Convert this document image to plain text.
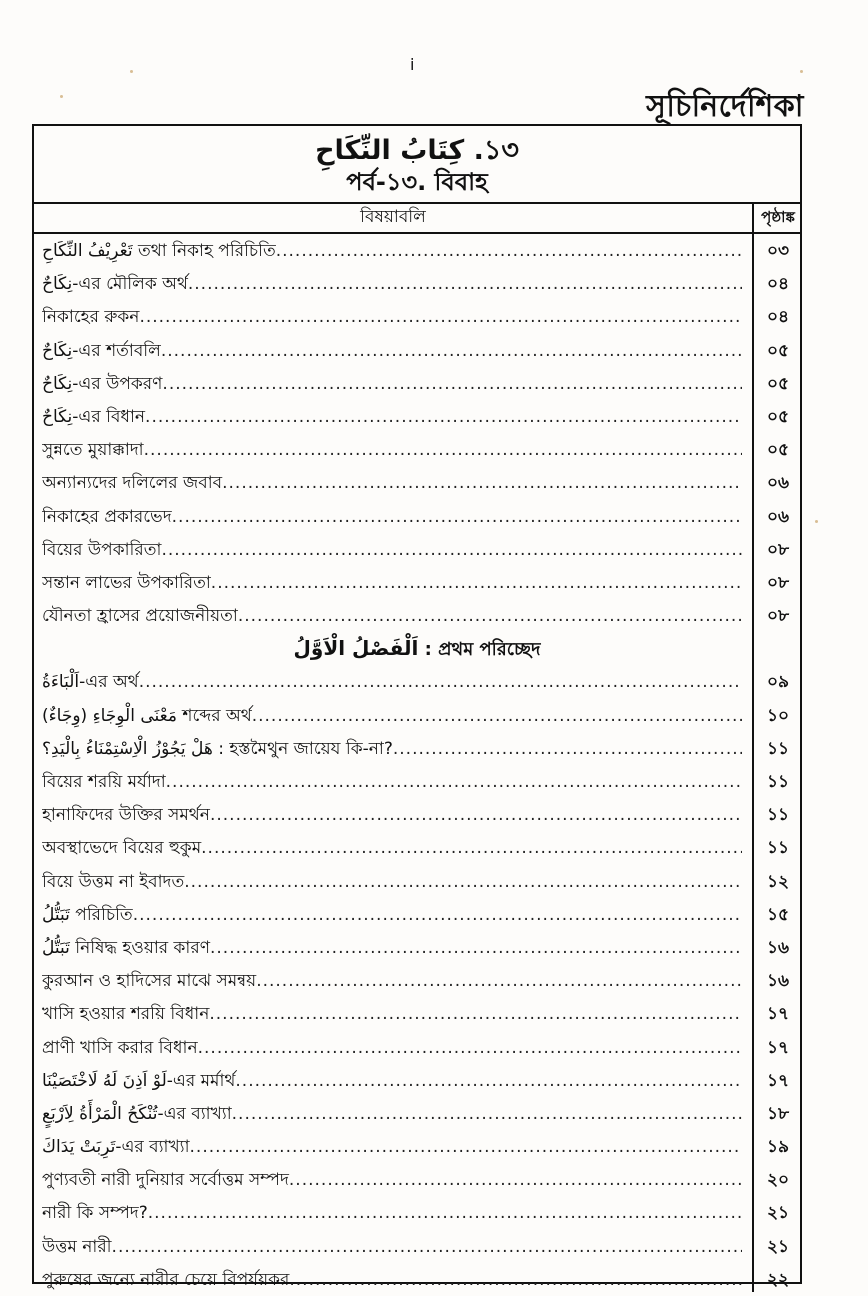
i
সূচিনির্দেশিকা
১৩. كِتَابُ النِّكَاحِ
পর্ব-১৩. বিবাহ
বিষয়াবলি	পৃষ্ঠাঙ্ক
تَعْرِيْفُ النِّكَاحِ তথা নিকাহ পরিচিতি .....	০৩
نِكَاحٌ-এর মৌলিক অর্থ .....	০৪
নিকাহের রুকন .....	০৪
نِكَاحٌ-এর শর্তাবলি .....	০৫
نِكَاحٌ-এর উপকরণ .....	০৫
نِكَاحٌ-এর বিধান .....	০৫
সুন্নতে মুয়াক্কাদা .....	০৫
অন্যান্যদের দলিলের জবাব .....	০৬
নিকাহের প্রকারভেদ .....	০৬
বিয়ের উপকারিতা .....	০৮
সন্তান লাভের উপকারিতা .....	০৮
যৌনতা হ্রাসের প্রয়োজনীয়তা .....	০৮
اَلْفَصْلُ الْاَوَّلُ : প্রথম পরিচ্ছেদ
اَلْبَاءَةُ-এর অর্থ .....	০৯
(وِجَاءٌ) مَعْنَى الْوِجَاءِ শব্দের অর্থ .....	১০
هَلْ يَجُوْزُ الْاِسْتِمْنَاءُ بِالْيَدِ؟ : হস্তমৈথুন জায়েয কি-না? .....	১১
বিয়ের শরয়ি মর্যাদা .....	১১
হানাফিদের উক্তির সমর্থন .....	১১
অবস্থাভেদে বিয়ের হুকুম .....	১১
বিয়ে উত্তম না ইবাদত .....	১২
تَبَتُّلُ পরিচিতি .....	১৫
تَبَتُّلُ নিষিদ্ধ হওয়ার কারণ .....	১৬
কুরআন ও হাদিসের মাঝে সমন্বয় .....	১৬
খাসি হওয়ার শরয়ি বিধান .....	১৭
প্রাণী খাসি করার বিধান .....	১৭
لَوْ اَذِنَ لَهُ لَاخْتَصَيْنَا-এর মর্মার্থ .....	১৭
تُنْكَحُ الْمَرْأَةُ لِاَرْبَعٍ-এর ব্যাখ্যা .....	১৮
تَرِبَتْ يَدَاكَ-এর ব্যাখ্যা .....	১৯
পুণ্যবতী নারী দুনিয়ার সর্বোত্তম সম্পদ .....	২০
নারী কি সম্পদ? .....	২১
উত্তম নারী .....	২১
পুরুষের জন্যে নারীর চেয়ে বিপর্যয়কর .....	২২
